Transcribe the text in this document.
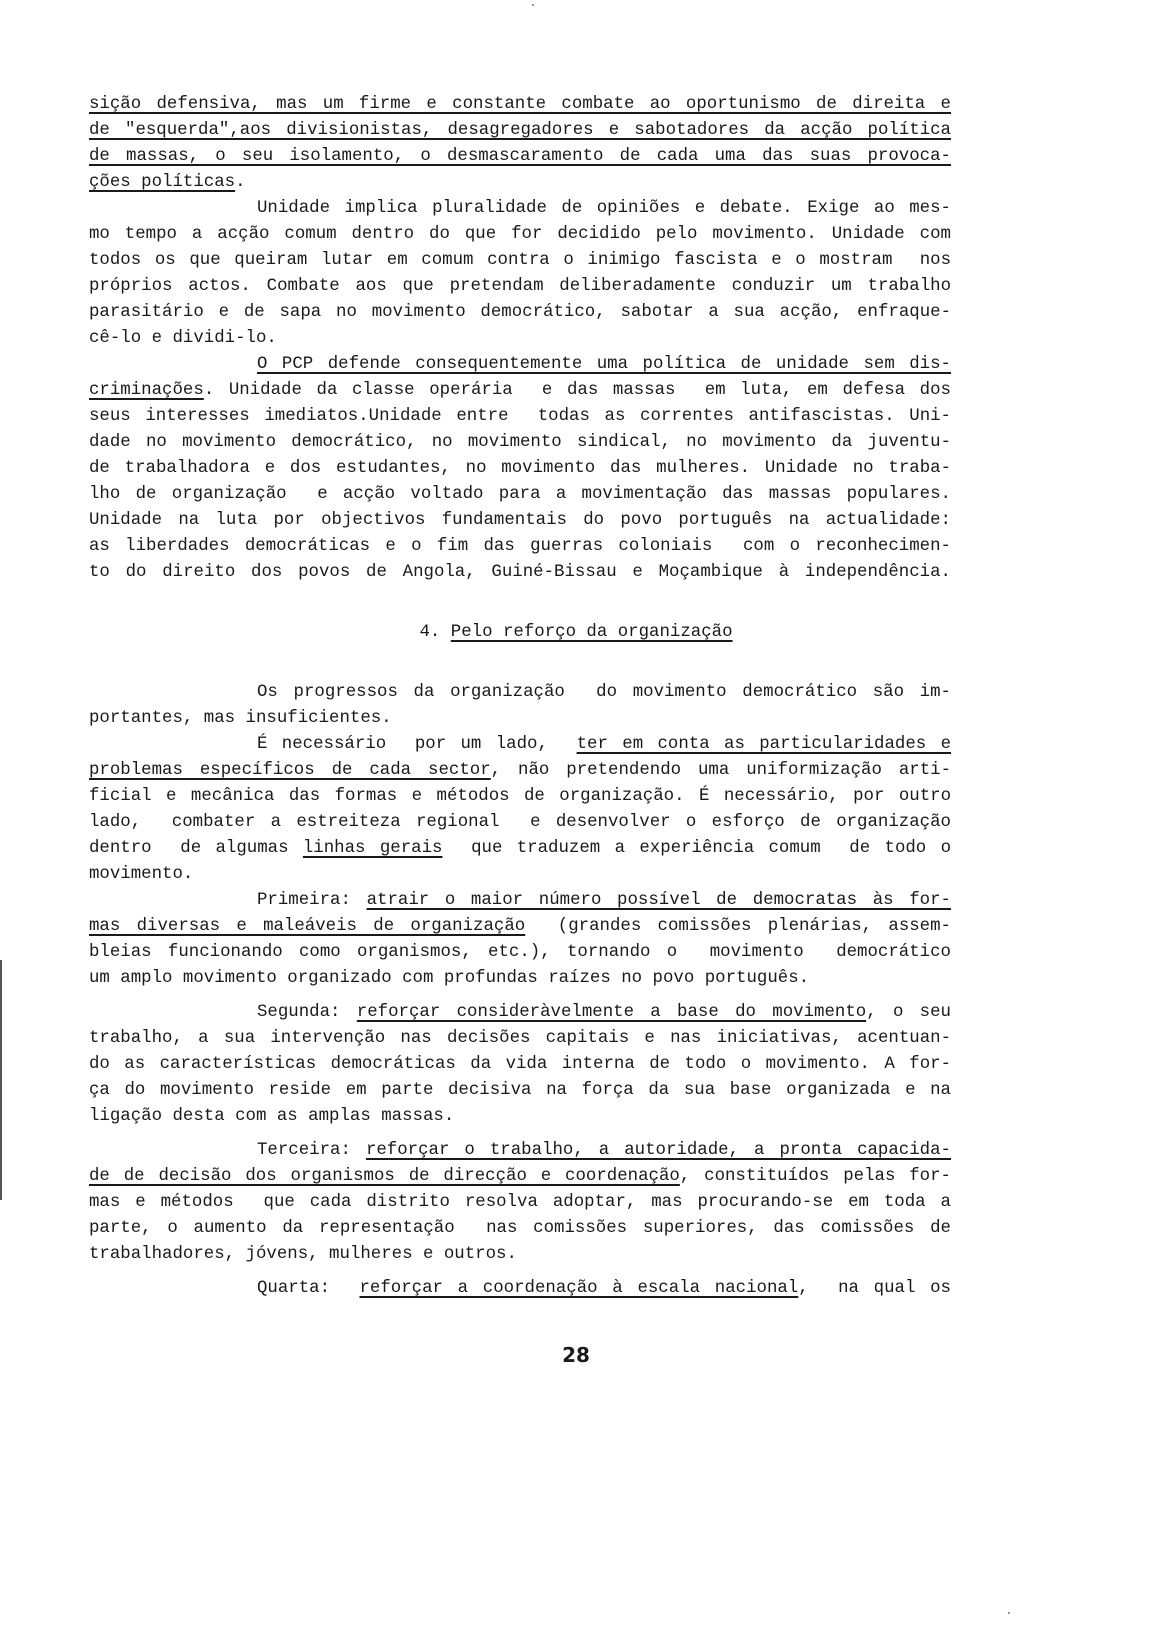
sição defensiva, mas um firme e constante combate ao oportunismo de direita e
de "esquerda",aos divisionistas, desagregadores e sabotadores da acção política
de massas, o seu isolamento, o desmascaramento de cada uma das suas provoca-
ções políticas.
Unidade implica pluralidade de opiniões e debate. Exige ao mes-
mo tempo a acção comum dentro do que for decidido pelo movimento. Unidade com
todos os que queiram lutar em comum contra o inimigo fascista e o mostram  nos
próprios actos. Combate aos que pretendam deliberadamente conduzir um trabalho
parasitário e de sapa no movimento democrático, sabotar a sua acção, enfraque-
cê-lo e dividi-lo.
O PCP defende consequentemente uma política de unidade sem dis-
criminações. Unidade da classe operária  e das massas  em luta, em defesa dos
seus interesses imediatos.Unidade entre  todas as correntes antifascistas. Uni-
dade no movimento democrático, no movimento sindical, no movimento da juventu-
de trabalhadora e dos estudantes, no movimento das mulheres. Unidade no traba-
lho de organização  e acção voltado para a movimentação das massas populares.
Unidade na luta por objectivos fundamentais do povo português na actualidade:
as liberdades democráticas e o fim das guerras coloniais  com o reconhecimen-
to do direito dos povos de Angola, Guiné-Bissau e Moçambique à independência.
Os progressos da organização  do movimento democrático são im-
portantes, mas insuficientes.
É necessário  por um lado,  ter em conta as particularidades e
problemas específicos de cada sector, não pretendendo uma uniformização arti-
ficial e mecânica das formas e métodos de organização. É necessário, por outro
lado,  combater a estreiteza regional  e desenvolver o esforço de organização
dentro  de algumas linhas gerais  que traduzem a experiência comum  de todo o
movimento.
Primeira: atrair o maior número possível de democratas às for-
mas diversas e maleáveis de organização  (grandes comissões plenárias, assem-
bleias funcionando como organismos, etc.), tornando o  movimento  democrático
um amplo movimento organizado com profundas raízes no povo português.
Segunda: reforçar consideràvelmente a base do movimento, o seu
trabalho, a sua intervenção nas decisões capitais e nas iniciativas, acentuan-
do as características democráticas da vida interna de todo o movimento. A for-
ça do movimento reside em parte decisiva na força da sua base organizada e na
ligação desta com as amplas massas.
Terceira: reforçar o trabalho, a autoridade, a pronta capacida-
de de decisão dos organismos de direcção e coordenação, constituídos pelas for-
mas e métodos  que cada distrito resolva adoptar, mas procurando-se em toda a
parte, o aumento da representação  nas comissões superiores, das comissões de
trabalhadores, jóvens, mulheres e outros.
Quarta:  reforçar a coordenação à escala nacional,  na qual os
4. Pelo reforço da organização
28
